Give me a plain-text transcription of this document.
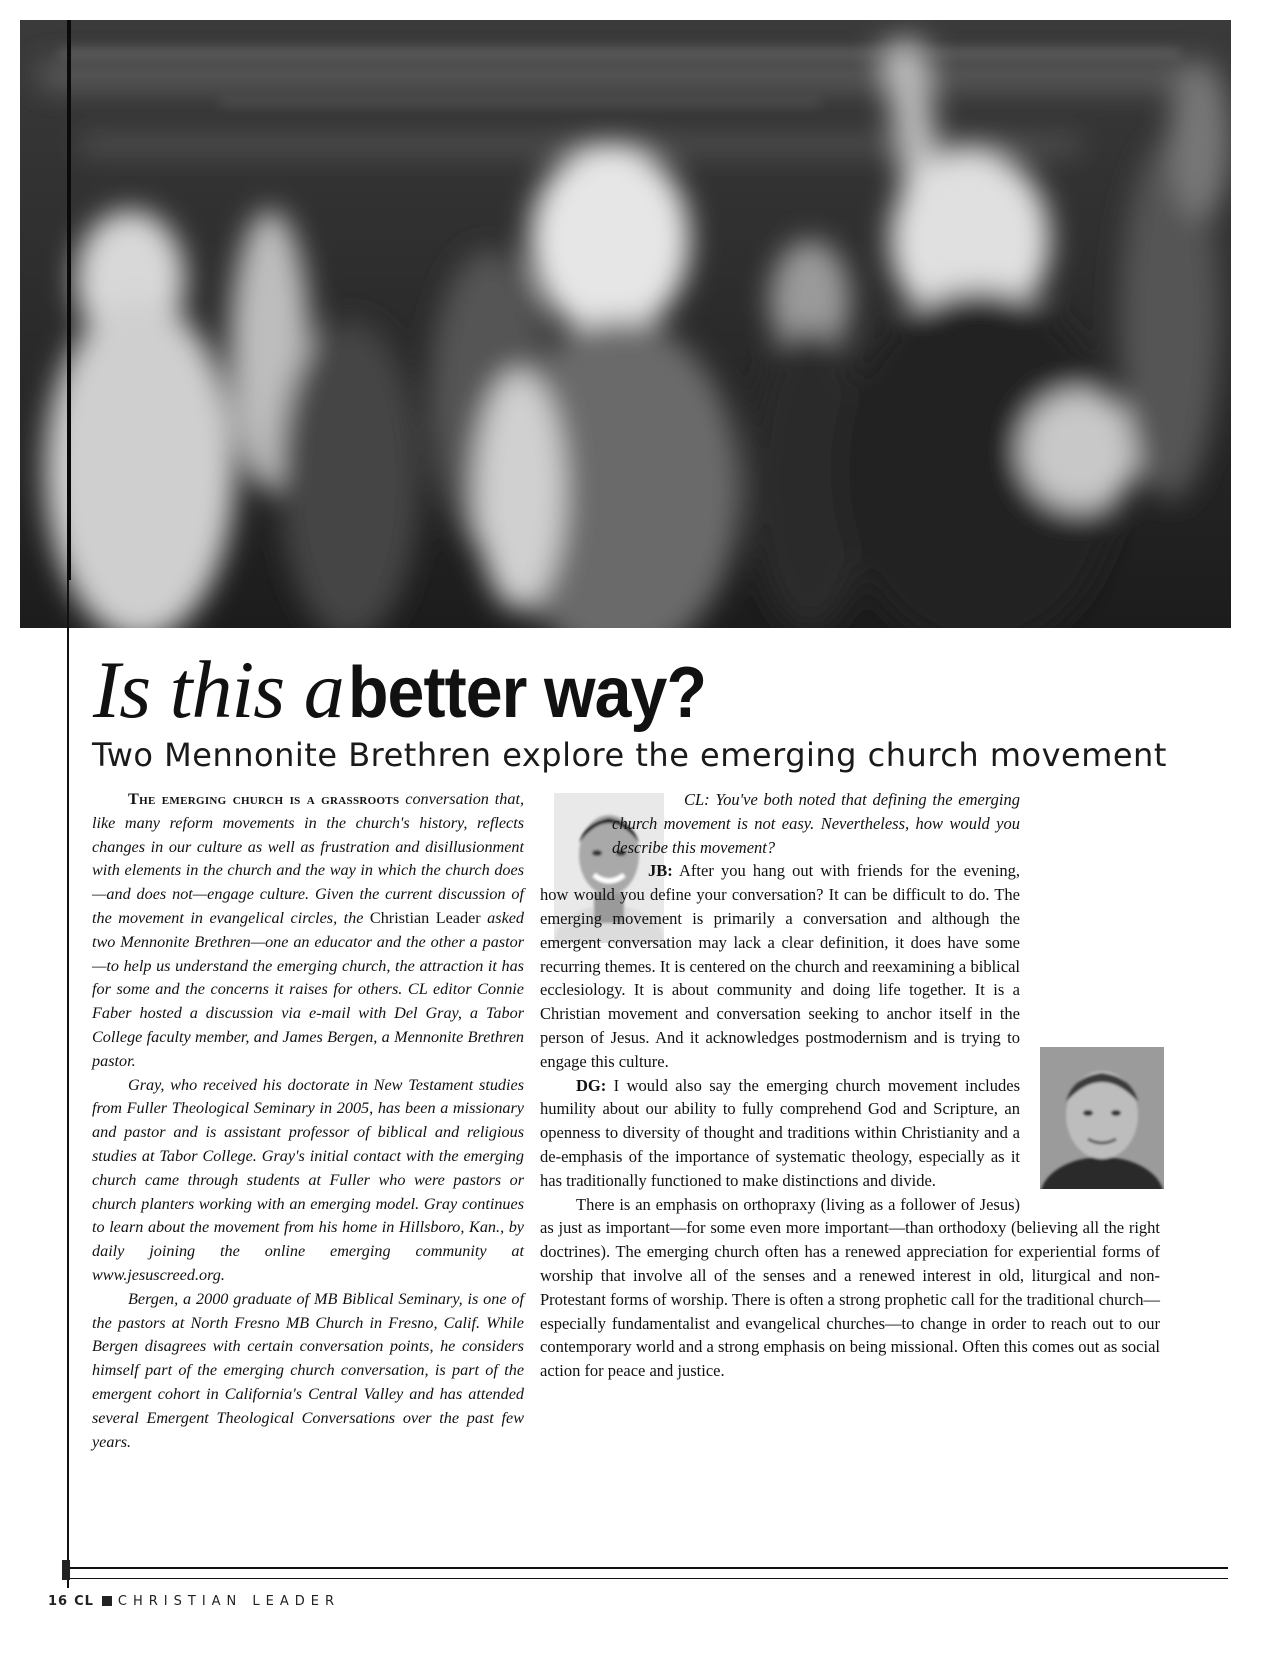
Is this a better way?
Two Mennonite Brethren explore the emerging church movement

The emerging church is a grassroots conversation that, like many reform movements in the church's history, reflects changes in our culture as well as frustration and disillusionment with elements in the church and the way in which the church does—and does not—engage culture. Given the current discussion of the movement in evangelical circles, the Christian Leader asked two Mennonite Brethren—one an educator and the other a pastor—to help us understand the emerging church, the attraction it has for some and the concerns it raises for others. CL editor Connie Faber hosted a discussion via e-mail with Del Gray, a Tabor College faculty member, and James Bergen, a Mennonite Brethren pastor.

Gray, who received his doctorate in New Testament studies from Fuller Theological Seminary in 2005, has been a missionary and pastor and is assistant professor of biblical and religious studies at Tabor College. Gray's initial contact with the emerging church came through students at Fuller who were pastors or church planters working with an emerging model. Gray continues to learn about the movement from his home in Hillsboro, Kan., by daily joining the online emerging community at www.jesuscreed.org.

Bergen, a 2000 graduate of MB Biblical Seminary, is one of the pastors at North Fresno MB Church in Fresno, Calif. While Bergen disagrees with certain conversation points, he considers himself part of the emerging church conversation, is part of the emergent cohort in California's Central Valley and has attended several Emergent Theological Conversations over the past few years.

CL: You've both noted that defining the emerging church movement is not easy. Nevertheless, how would you describe this movement?

JB: After you hang out with friends for the evening, how would you define your conversation? It can be difficult to do. The emerging movement is primarily a conversation and although the emergent conversation may lack a clear definition, it does have some recurring themes. It is centered on the church and reexamining a biblical ecclesiology. It is about community and doing life together. It is a Christian movement and conversation seeking to anchor itself in the person of Jesus. And it acknowledges postmodernism and is trying to engage this culture.

DG: I would also say the emerging church movement includes humility about our ability to fully comprehend God and Scripture, an openness to diversity of thought and traditions within Christianity and a de-emphasis of the importance of systematic theology, especially as it has traditionally functioned to make distinctions and divide.

There is an emphasis on orthopraxy (living as a follower of Jesus) as just as important—for some even more important—than orthodoxy (believing all the right doctrines). The emerging church often has a renewed appreciation for experiential forms of worship that involve all of the senses and a renewed interest in old, liturgical and non-Protestant forms of worship. There is often a strong prophetic call for the traditional church—especially fundamentalist and evangelical churches—to change in order to reach out to our contemporary world and a strong emphasis on being missional. Often this comes out as social action for peace and justice.

16 CL CHRISTIAN LEADER
